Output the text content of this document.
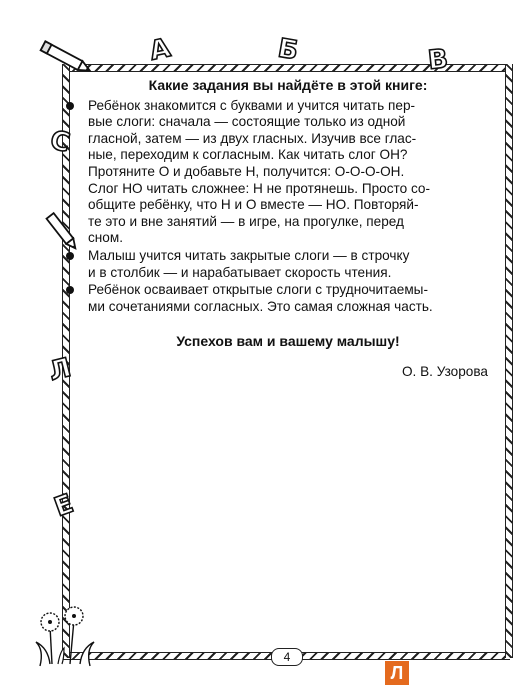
А	Б	В
С
Л
Е
Какие задания вы найдёте в этой книге:
Ребёнок знакомится с буквами и учится читать пер-
вые слоги: сначала — состоящие только из одной
гласной, затем — из двух гласных. Изучив все глас-
ные, переходим к согласным. Как читать слог ОН?
Протяните О и добавьте Н, получится: О-О-О-ОН.
Слог НО читать сложнее: Н не протянешь. Просто со-
общите ребёнку, что Н и О вместе — НО. Повторяй-
те это и вне занятий — в игре, на прогулке, перед
сном.
Малыш учится читать закрытые слоги — в строчку
и в столбик — и нарабатывает скорость чтения.
Ребёнок осваивает открытые слоги с трудночитаемы-
ми сочетаниями согласных. Это самая сложная часть.
Успехов вам и вашему малышу!
О. В. Узорова
4
Л
